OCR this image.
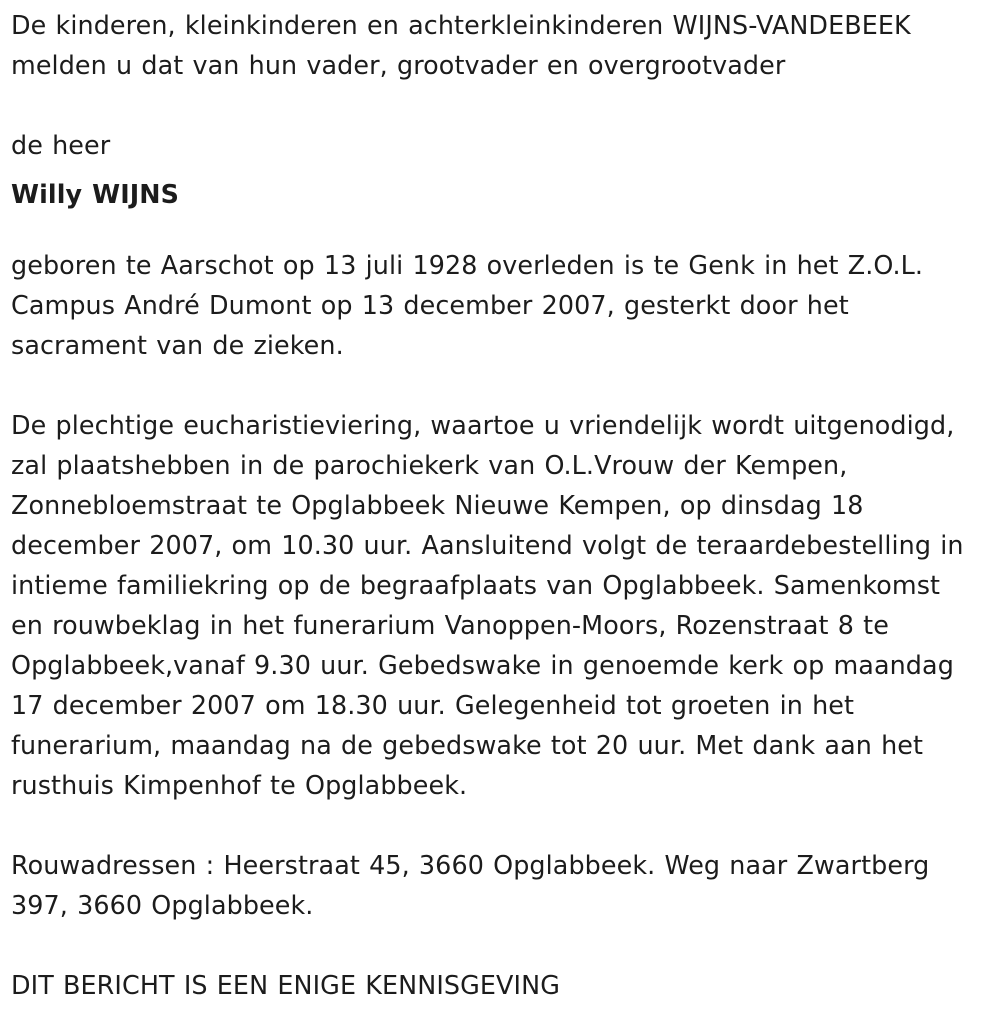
De kinderen, kleinkinderen en achterkleinkinderen WIJNS-VANDEBEEK

melden u dat van hun vader, grootvader en overgrootvader

de heer

Willy WIJNS

geboren te Aarschot op 13 juli 1928 overleden is te Genk in het Z.O.L.

Campus André Dumont op 13 december 2007, gesterkt door het

sacrament van de zieken.

De plechtige eucharistieviering, waartoe u vriendelijk wordt uitgenodigd,

zal plaatshebben in de parochiekerk van O.L.Vrouw der Kempen,

Zonnebloemstraat te Opglabbeek Nieuwe Kempen, op dinsdag 18

december 2007, om 10.30 uur. Aansluitend volgt de teraardebestelling in

intieme familiekring op de begraafplaats van Opglabbeek. Samenkomst

en rouwbeklag in het funerarium Vanoppen-Moors, Rozenstraat 8 te

Opglabbeek,vanaf 9.30 uur. Gebedswake in genoemde kerk op maandag

17 december 2007 om 18.30 uur. Gelegenheid tot groeten in het

funerarium, maandag na de gebedswake tot 20 uur. Met dank aan het

rusthuis Kimpenhof te Opglabbeek.

Rouwadressen : Heerstraat 45, 3660 Opglabbeek. Weg naar Zwartberg

397, 3660 Opglabbeek.

DIT BERICHT IS EEN ENIGE KENNISGEVING
